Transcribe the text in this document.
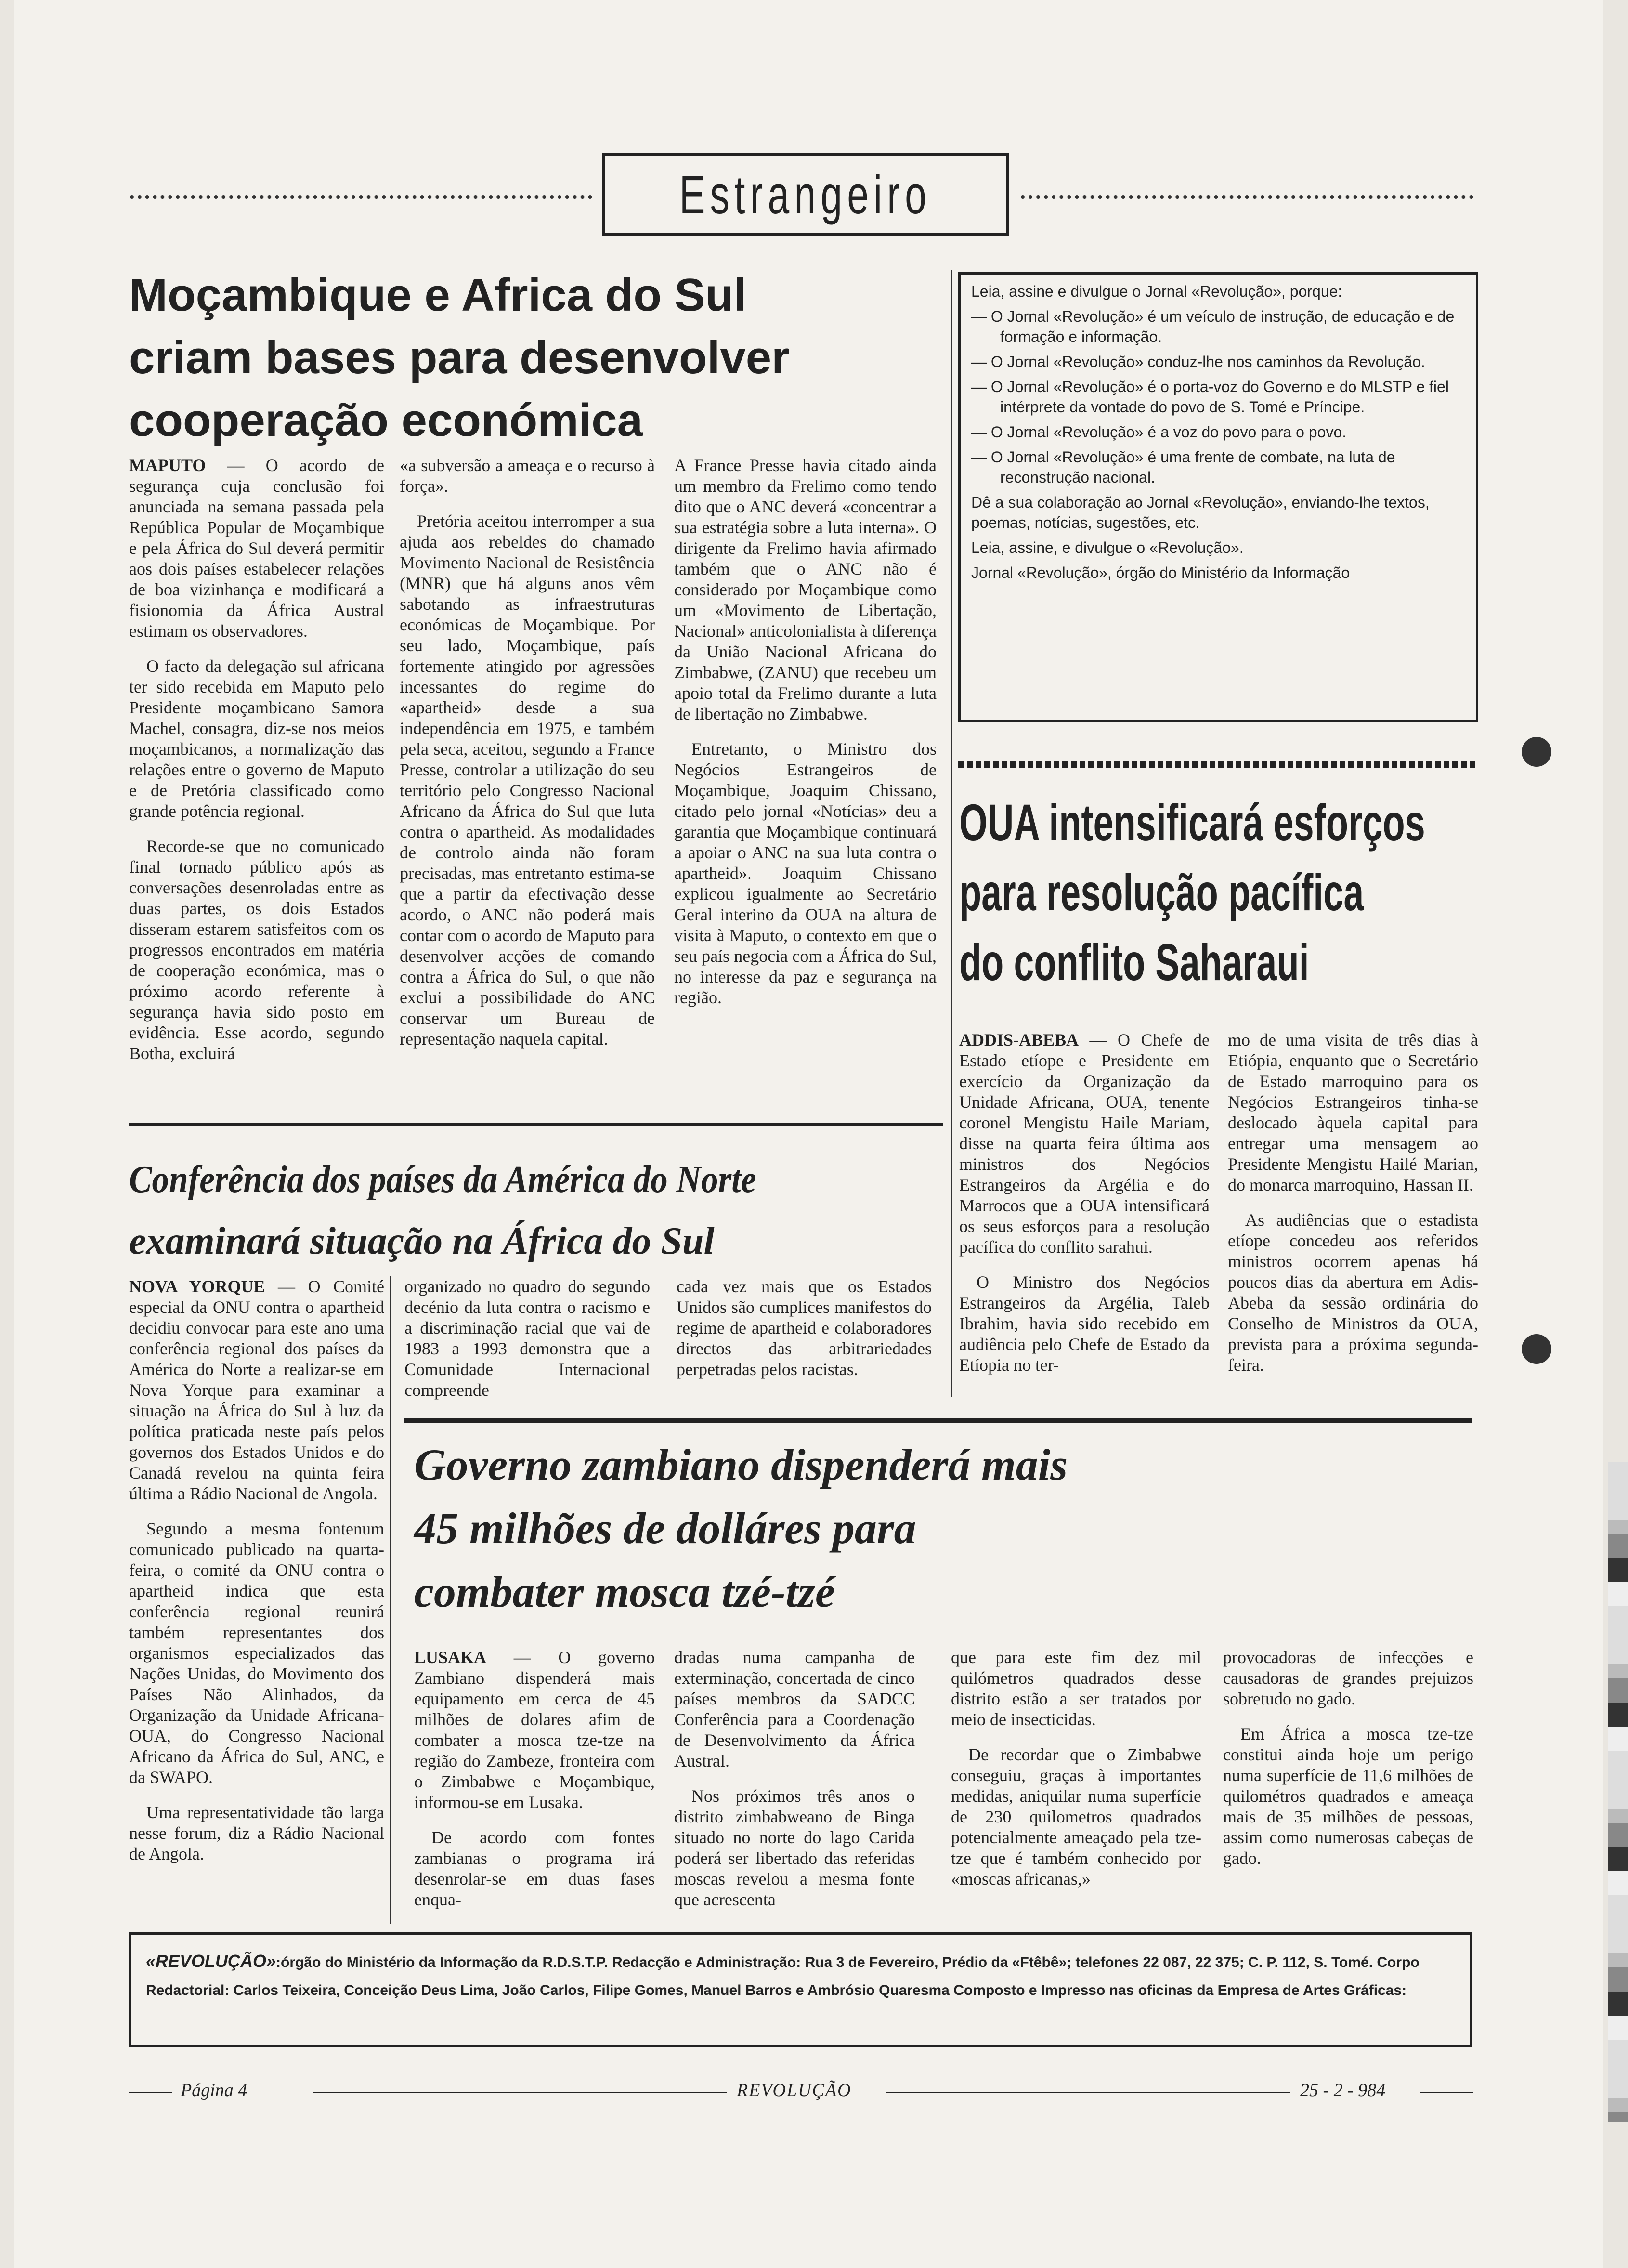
Estrangeiro
Moçambique e Africa do Sul
criam bases para desenvolver
cooperação económica

MAPUTO — O acordo de segurança cuja conclusão foi anunciada na semana passada pela República Popular de Moçambique e pela África do Sul deverá permitir aos dois países estabelecer relações de boa vizinhança e modificará a fisionomia da África Austral estimam os observadores.

O facto da delegação sul africana ter sido recebida em Maputo pelo Presidente moçambicano Samora Machel, consagra, diz-se nos meios moçambicanos, a normalização das relações entre o governo de Maputo e de Pretória classificado como grande potência regional.

Recorde-se que no comunicado final tornado público após as conversações desenroladas entre as duas partes, os dois Estados disseram estarem satisfeitos com os progressos encontrados em matéria de cooperação económica, mas o próximo acordo referente à segurança havia sido posto em evidência. Esse acordo, segundo Botha, excluirá

«a subversão a ameaça e o recurso à força».

Pretória aceitou interromper a sua ajuda aos rebeldes do chamado Movimento Nacional de Resistência (MNR) que há alguns anos vêm sabotando as infraestruturas económicas de Moçambique. Por seu lado, Moçambique, país fortemente atingido por agressões incessantes do regime do «apartheid» desde a sua independência em 1975, e também pela seca, aceitou, segundo a France Presse, controlar a utilização do seu território pelo Congresso Nacional Africano da África do Sul que luta contra o apartheid. As modalidades de controlo ainda não foram precisadas, mas entretanto estima-se que a partir da efectivação desse acordo, o ANC não poderá mais contar com o acordo de Maputo para desenvolver acções de comando contra a África do Sul, o que não exclui a possibilidade do ANC conservar um Bureau de representação naquela capital.

A France Presse havia citado ainda um membro da Frelimo como tendo dito que o ANC deverá «concentrar a sua estratégia sobre a luta interna». O dirigente da Frelimo havia afirmado também que o ANC não é considerado por Moçambique como um «Movimento de Libertação, Nacional» anticolonialista à diferença da União Nacional Africana do Zimbabwe, (ZANU) que recebeu um apoio total da Frelimo durante a luta de libertação no Zimbabwe.

Entretanto, o Ministro dos Negócios Estrangeiros de Moçambique, Joaquim Chissano, citado pelo jornal «Notícias» deu a garantia que Moçambique continuará a apoiar o ANC na sua luta contra o apartheid». Joaquim Chissano explicou igualmente ao Secretário Geral interino da OUA na altura de visita à Maputo, o contexto em que o seu país negocia com a África do Sul, no interesse da paz e segurança na região.

Leia, assine e divulgue o Jornal «Revolução», porque:
— O Jornal «Revolução» é um veículo de instrução, de educação e de formação e informação.
— O Jornal «Revolução» conduz-lhe nos caminhos da Revolução.
— O Jornal «Revolução» é o porta-voz do Governo e do MLSTP e fiel intérprete da vontade do povo de S. Tomé e Príncipe.
— O Jornal «Revolução» é a voz do povo para o povo.
— O Jornal «Revolução» é uma frente de combate, na luta de reconstrução nacional.
Dê a sua colaboração ao Jornal «Revolução», enviando-lhe textos, poemas, notícias, sugestões, etc.
Leia, assine, e divulgue o «Revolução».
Jornal «Revolução», órgão do Ministério da Informação
OUA intensificará esforços
para resolução pacífica
do conflito Saharaui

ADDIS-ABEBA — O Chefe de Estado etíope e Presidente em exercício da Organização da Unidade Africana, OUA, tenente coronel Mengistu Haile Mariam, disse na quarta feira última aos ministros dos Negócios Estrangeiros da Argélia e do Marrocos que a OUA intensificará os seus esforços para a resolução pacífica do conflito sarahui.

O Ministro dos Negócios Estrangeiros da Argélia, Taleb Ibrahim, havia sido recebido em audiência pelo Chefe de Estado da Etíopia no ter-

mo de uma visita de três dias à Etiópia, enquanto que o Secretário de Estado marroquino para os Negócios Estrangeiros tinha-se deslocado àquela capital para entregar uma mensagem ao Presidente Mengistu Hailé Marian, do monarca marroquino, Hassan II.

As audiências que o estadista etíope concedeu aos referidos ministros ocorrem apenas há poucos dias da abertura em Adis-Abeba da sessão ordinária do Conselho de Ministros da OUA, prevista para a próxima segunda-feira.

Conferência dos países da América do Norte
examinará situação na África do Sul

NOVA YORQUE — O Comité especial da ONU contra o apartheid decidiu convocar para este ano uma conferência regional dos países da América do Norte a realizar-se em Nova Yorque para examinar a situação na África do Sul à luz da política praticada neste país pelos governos dos Estados Unidos e do Canadá revelou na quinta feira última a Rádio Nacional de Angola.

Segundo a mesma fontenum comunicado publicado na quarta-feira, o comité da ONU contra o apartheid indica que esta conferência regional reunirá também representantes dos organismos especializados das Nações Unidas, do Movimento dos Países Não Alinhados, da Organização da Unidade Africana-OUA, do Congresso Nacional Africano da África do Sul, ANC, e da SWAPO.

Uma representatividade tão larga nesse forum, diz a Rádio Nacional de Angola.

organizado no quadro do segundo decénio da luta contra o racismo e a discriminação racial que vai de 1983 a 1993 demonstra que a Comunidade Internacional compreende

cada vez mais que os Estados Unidos são cumplices manifestos do regime de apartheid e colaboradores directos das arbitrariedades perpetradas pelos racistas.

Governo zambiano dispenderá mais
45 milhões de dolláres para
combater mosca tzé-tzé

LUSAKA — O governo Zambiano dispenderá mais equipamento em cerca de 45 milhões de dolares afim de combater a mosca tze-tze na região do Zambeze, fronteira com o Zimbabwe e Moçambique, informou-se em Lusaka.

De acordo com fontes zambianas o programa irá desenrolar-se em duas fases enqua-

dradas numa campanha de exterminação, concertada de cinco países membros da SADCC Conferência para a Coordenação de Desenvolvimento da África Austral.

Nos próximos três anos o distrito zimbabweano de Binga situado no norte do lago Carida poderá ser libertado das referidas moscas revelou a mesma fonte que acrescenta

que para este fim dez mil quilómetros quadrados desse distrito estão a ser tratados por meio de insecticidas.

De recordar que o Zimbabwe conseguiu, graças à importantes medidas, aniquilar numa superfície de 230 quilometros quadrados potencialmente ameaçado pela tze-tze que é também conhecido por «moscas africanas,»

provocadoras de infecções e causadoras de grandes prejuizos sobretudo no gado.

Em África a mosca tze-tze constitui ainda hoje um perigo numa superfície de 11,6 milhões de quilométros quadrados e ameaça mais de 35 milhões de pessoas, assim como numerosas cabeças de gado.

«REVOLUÇÃO»:órgão do Ministério da Informação da R.D.S.T.P. Redacção e Administração: Rua 3 de Fevereiro, Prédio da «Ftêbê»; telefones 22 087, 22 375; C. P. 112, S. Tomé. Corpo Redactorial: Carlos Teixeira, Conceição Deus Lima, João Carlos, Filipe Gomes, Manuel Barros e Ambrósio Quaresma Composto e Impresso nas oficinas da Empresa de Artes Gráficas:
Página 4	REVOLUÇÃO	25 - 2 - 984
